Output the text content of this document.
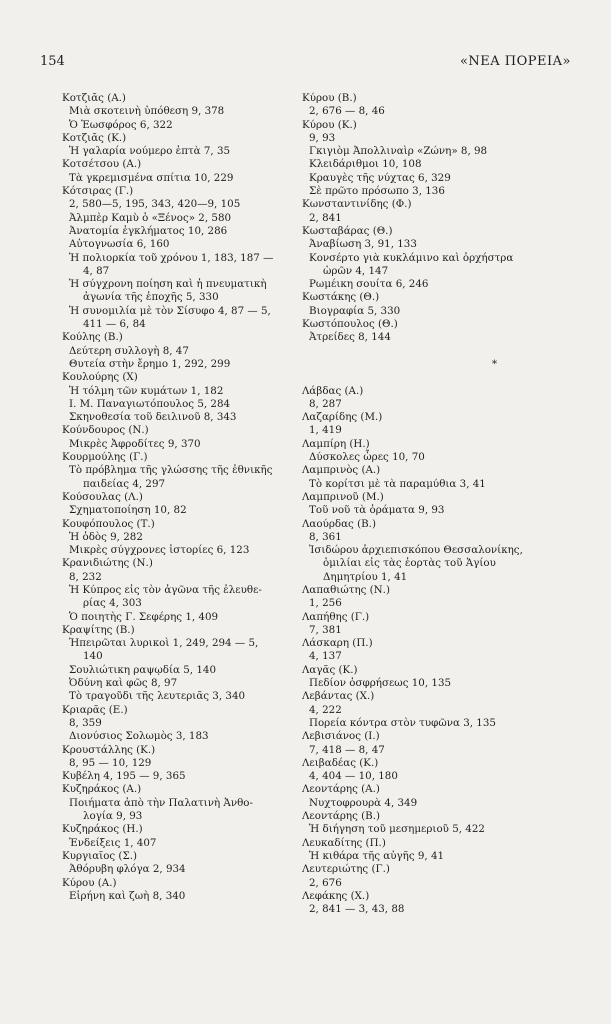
154	«ΝΕΑ ΠΟΡΕΙΑ»
Κοτζιᾶς (Α.)
Μιὰ σκοτεινὴ ὑπόθεση 9, 378
Ὁ Ἑωσφόρος 6, 322
Κοτζιᾶς (Κ.)
Ἡ γαλαρία νούμερο ἑπτὰ 7, 35
Κοτσέτσου (Α.)
Τὰ γκρεμισμένα σπίτια 10, 229
Κότσιρας (Γ.)
2, 580—5, 195, 343, 420—9, 105
Ἀλμπὲρ Καμὺ ὁ «Ξένος» 2, 580
Ἀνατομία ἐγκλήματος 10, 286
Αὐτογνωσία 6, 160
Ἡ πολιορκία τοῦ χρόνου 1, 183, 187 —
4, 87
Ἡ σύγχρονη ποίηση καὶ ἡ πνευματικὴ
ἀγωνία τῆς ἐποχῆς 5, 330
Ἡ συνομιλία μὲ τὸν Σίσυφο 4, 87 — 5,
411 — 6, 84
Κούλης (Β.)
Δεύτερη συλλογὴ 8, 47
Θυτεία στὴν ἔρημο 1, 292, 299
Κουλούρης (Χ)
Ἡ τόλμη τῶν κυμάτων 1, 182
Ι. Μ. Παναγιωτόπουλος 5, 284
Σκηνοθεσία τοῦ δειλινοῦ 8, 343
Κούνδουρος (Ν.)
Μικρὲς Ἀφροδίτες 9, 370
Κουρμούλης (Γ.)
Τὸ πρόβλημα τῆς γλώσσης τῆς ἐθνικῆς
παιδείας 4, 297
Κούσουλας (Λ.)
Σχηματοποίηση 10, 82
Κουφόπουλος (Τ.)
Ἡ ὁδὸς 9, 282
Μικρὲς σύγχρονες ἱστορίες 6, 123
Κρανιδιώτης (Ν.)
8, 232
Ἡ Κύπρος εἰς τὸν ἀγῶνα τῆς ἐλευθε-
ρίας 4, 303
Ὁ ποιητὴς Γ. Σεφέρης 1, 409
Κραψίτης (Β.)
Ἠπειρῶται λυρικοὶ 1, 249, 294 — 5,
140
Σουλιώτικη ραψῳδία 5, 140
Ὀδύνη καὶ φῶς 8, 97
Τὸ τραγοῦδι τῆς λευτεριᾶς 3, 340
Κριαρᾶς (Ε.)
8, 359
Διονύσιος Σολωμὸς 3, 183
Κρουστάλλης (Κ.)
8, 95 — 10, 129
Κυβέλη 4, 195 — 9, 365
Κυζηράκος (Α.)
Ποιήματα ἀπὸ τὴν Παλατινὴ Ἀνθο-
λογία 9, 93
Κυζηράκος (Η.)
Ἐνδείξεις 1, 407
Κυργιαῖος (Σ.)
Ἀθόρυβη φλόγα 2, 934
Κύρου (Α.)
Εἰρήνη καὶ ζωὴ 8, 340
Κύρου (Β.)
2, 676 — 8, 46
Κύρου (Κ.)
9, 93
Γκιγιὸμ Ἀπολλιναὶρ «Ζώνη» 8, 98
Κλειδάριθμοι 10, 108
Κραυγὲς τῆς νύχτας 6, 329
Σὲ πρῶτο πρόσωπο 3, 136
Κωνσταντινίδης (Φ.)
2, 841
Κωσταβάρας (Θ.)
Ἀναβίωση 3, 91, 133
Κονσέρτο γιὰ κυκλάμινο καὶ ὀρχήστρα
ὡρῶν 4, 147
Ρωμέικη σουίτα 6, 246
Κωστάκης (Θ.)
Βιογραφία 5, 330
Κωστόπουλος (Θ.)
Ἀτρείδες 8, 144
*
Λάβδας (Α.)
8, 287
Λαζαρίδης (Μ.)
1, 419
Λαμπίρη (Η.)
Δύσκολες ὧρες 10, 70
Λαμπρινὸς (Α.)
Τὸ κορίτσι μὲ τὰ παραμύθια 3, 41
Λαμπρινοῦ (Μ.)
Τοῦ νοῦ τὰ ὁράματα 9, 93
Λαούρδας (Β.)
8, 361
Ἰσιδώρου ἀρχιεπισκόπου Θεσσαλονίκης,
ὁμιλίαι εἰς τὰς ἑορτὰς τοῦ Ἁγίου
Δημητρίου 1, 41
Λαπαθιώτης (Ν.)
1, 256
Λαπήθης (Γ.)
7, 381
Λάσκαρη (Π.)
4, 137
Λαγᾶς (Κ.)
Πεδίον ὀσφρήσεως 10, 135
Λεβάντας (Χ.)
4, 222
Πορεία κόντρα στὸν τυφῶνα 3, 135
Λεβισιάνος (Ι.)
7, 418 — 8, 47
Λειβαδέας (Κ.)
4, 404 — 10, 180
Λεοντάρης (Α.)
Νυχτοφρουρὰ 4, 349
Λεοντάρης (Β.)
Ἡ διήγηση τοῦ μεσημεριοῦ 5, 422
Λευκαδίτης (Π.)
Ἡ κιθάρα τῆς αὐγῆς 9, 41
Λευτεριώτης (Γ.)
2, 676
Λεφάκης (Χ.)
2, 841 — 3, 43, 88
